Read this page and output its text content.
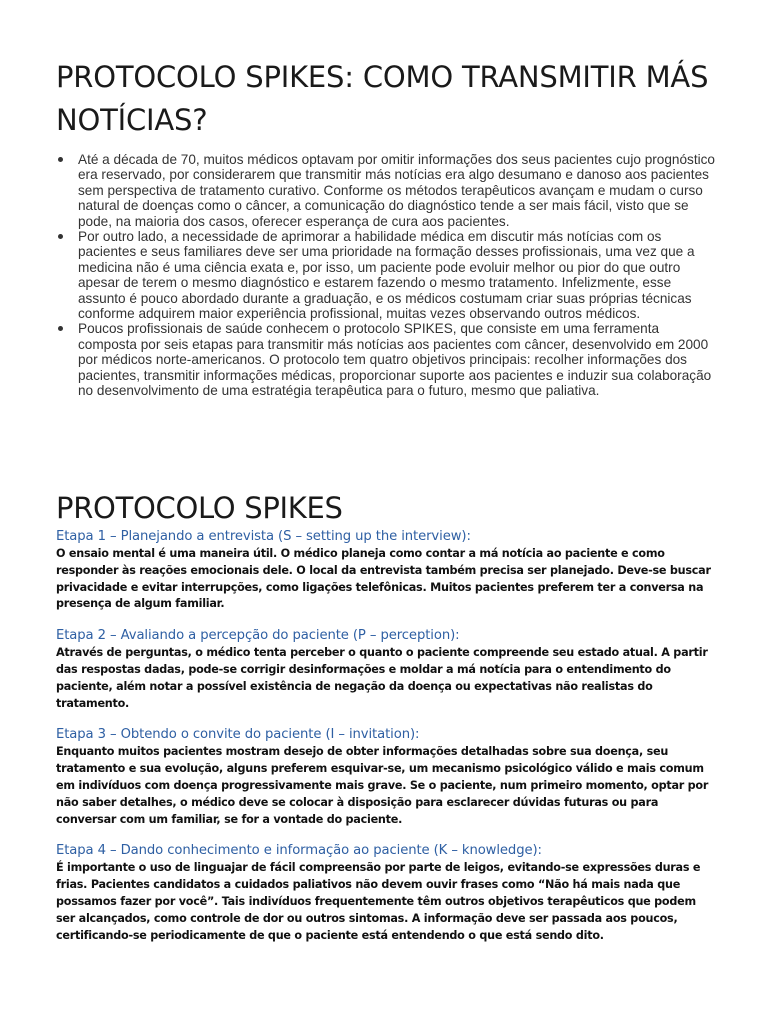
PROTOCOLO SPIKES: COMO TRANSMITIR MÁS NOTÍCIAS?
Até a década de 70, muitos médicos optavam por omitir informações dos seus pacientes cujo prognóstico era reservado, por considerarem que transmitir más notícias era algo desumano e danoso aos pacientes sem perspectiva de tratamento curativo. Conforme os métodos terapêuticos avançam e mudam o curso natural de doenças como o câncer, a comunicação do diagnóstico tende a ser mais fácil, visto que se pode, na maioria dos casos, oferecer esperança de cura aos pacientes.
Por outro lado, a necessidade de aprimorar a habilidade médica em discutir más notícias com os pacientes e seus familiares deve ser uma prioridade na formação desses profissionais, uma vez que a medicina não é uma ciência exata e, por isso, um paciente pode evoluir melhor ou pior do que outro apesar de terem o mesmo diagnóstico e estarem fazendo o mesmo tratamento. Infelizmente, esse assunto é pouco abordado durante a graduação, e os médicos costumam criar suas próprias técnicas conforme adquirem maior experiência profissional, muitas vezes observando outros médicos.
Poucos profissionais de saúde conhecem o protocolo SPIKES, que consiste em uma ferramenta composta por seis etapas para transmitir más notícias aos pacientes com câncer, desenvolvido em 2000 por médicos norte-americanos. O protocolo tem quatro objetivos principais: recolher informações dos pacientes, transmitir informações médicas, proporcionar suporte aos pacientes e induzir sua colaboração no desenvolvimento de uma estratégia terapêutica para o futuro, mesmo que paliativa.
PROTOCOLO SPIKES

Etapa 1 – Planejando a entrevista (S – setting up the interview):

O ensaio mental é uma maneira útil. O médico planeja como contar a má notícia ao paciente e como responder às reações emocionais dele. O local da entrevista também precisa ser planejado. Deve-se buscar privacidade e evitar interrupções, como ligações telefônicas. Muitos pacientes preferem ter a conversa na presença de algum familiar.

Etapa 2 – Avaliando a percepção do paciente (P – perception):

Através de perguntas, o médico tenta perceber o quanto o paciente compreende seu estado atual. A partir das respostas dadas, pode-se corrigir desinformações e moldar a má notícia para o entendimento do paciente, além notar a possível existência de negação da doença ou expectativas não realistas do tratamento.

Etapa 3 – Obtendo o convite do paciente (I – invitation):

Enquanto muitos pacientes mostram desejo de obter informações detalhadas sobre sua doença, seu tratamento e sua evolução, alguns preferem esquivar-se, um mecanismo psicológico válido e mais comum em indivíduos com doença progressivamente mais grave. Se o paciente, num primeiro momento, optar por não saber detalhes, o médico deve se colocar à disposição para esclarecer dúvidas futuras ou para conversar com um familiar, se for a vontade do paciente.

Etapa 4 – Dando conhecimento e informação ao paciente (K – knowledge):

É importante o uso de linguajar de fácil compreensão por parte de leigos, evitando-se expressões duras e frias. Pacientes candidatos a cuidados paliativos não devem ouvir frases como “Não há mais nada que possamos fazer por você”. Tais indivíduos frequentemente têm outros objetivos terapêuticos que podem ser alcançados, como controle de dor ou outros sintomas. A informação deve ser passada aos poucos, certificando-se periodicamente de que o paciente está entendendo o que está sendo dito.
